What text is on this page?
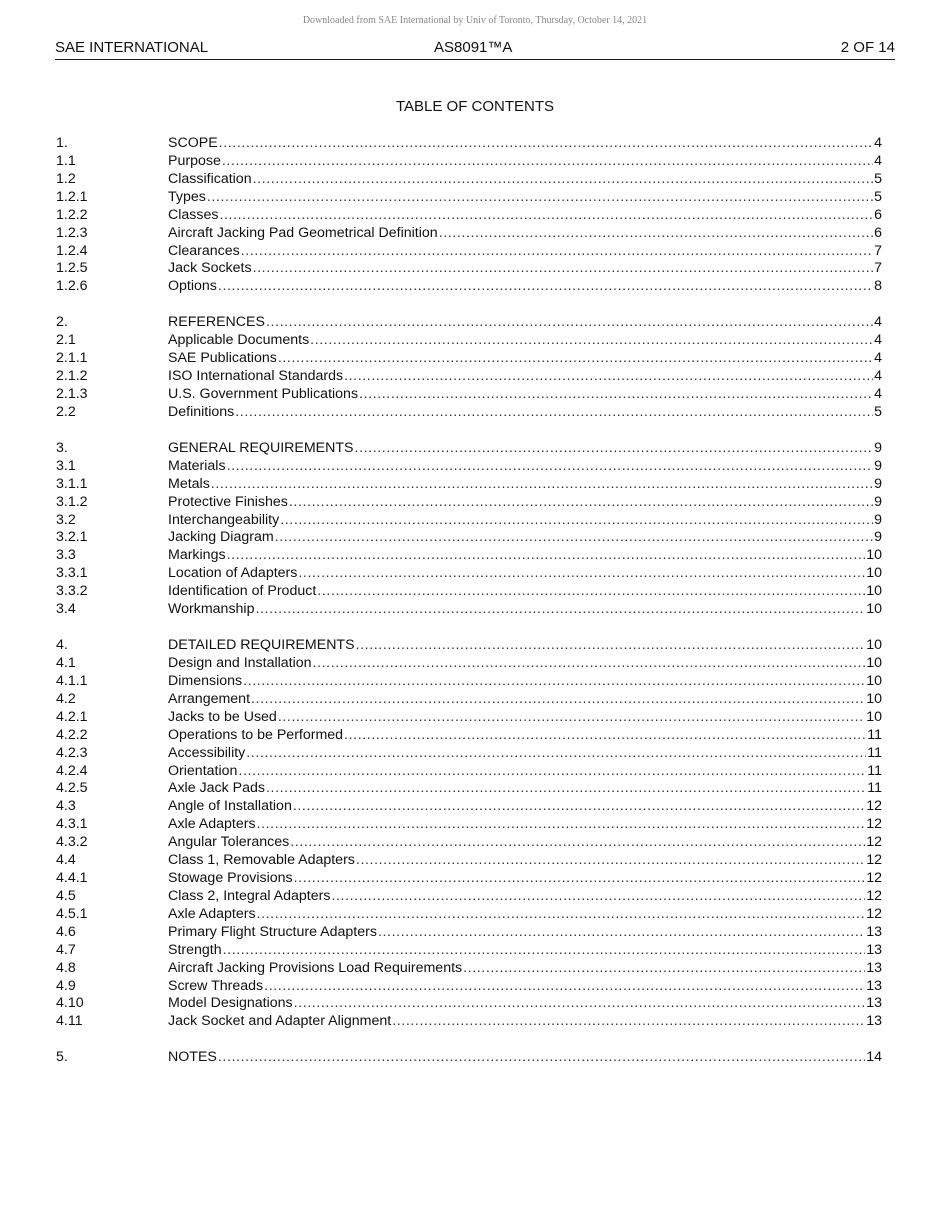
Downloaded from SAE International by Univ of Toronto, Thursday, October 14, 2021
SAE INTERNATIONAL	AS8091™A	2 OF 14
TABLE OF CONTENTS
1.	SCOPE .....	4
1.1	Purpose .....	4
1.2	Classification .....	5
1.2.1	Types .....	5
1.2.2	Classes .....	6
1.2.3	Aircraft Jacking Pad Geometrical Definition .....	6
1.2.4	Clearances .....	7
1.2.5	Jack Sockets .....	7
1.2.6	Options .....	8
2.	REFERENCES .....	4
2.1	Applicable Documents .....	4
2.1.1	SAE Publications .....	4
2.1.2	ISO International Standards .....	4
2.1.3	U.S. Government Publications .....	4
2.2	Definitions .....	5
3.	GENERAL REQUIREMENTS .....	9
3.1	Materials .....	9
3.1.1	Metals .....	9
3.1.2	Protective Finishes .....	9
3.2	Interchangeability .....	9
3.2.1	Jacking Diagram .....	9
3.3	Markings .....	10
3.3.1	Location of Adapters .....	10
3.3.2	Identification of Product .....	10
3.4	Workmanship .....	10
4.	DETAILED REQUIREMENTS .....	10
4.1	Design and Installation .....	10
4.1.1	Dimensions .....	10
4.2	Arrangement .....	10
4.2.1	Jacks to be Used .....	10
4.2.2	Operations to be Performed .....	11
4.2.3	Accessibility .....	11
4.2.4	Orientation .....	11
4.2.5	Axle Jack Pads .....	11
4.3	Angle of Installation .....	12
4.3.1	Axle Adapters .....	12
4.3.2	Angular Tolerances .....	12
4.4	Class 1, Removable Adapters .....	12
4.4.1	Stowage Provisions .....	12
4.5	Class 2, Integral Adapters .....	12
4.5.1	Axle Adapters .....	12
4.6	Primary Flight Structure Adapters .....	13
4.7	Strength .....	13
4.8	Aircraft Jacking Provisions Load Requirements .....	13
4.9	Screw Threads .....	13
4.10	Model Designations .....	13
4.11	Jack Socket and Adapter Alignment .....	13
5.	NOTES .....	14
